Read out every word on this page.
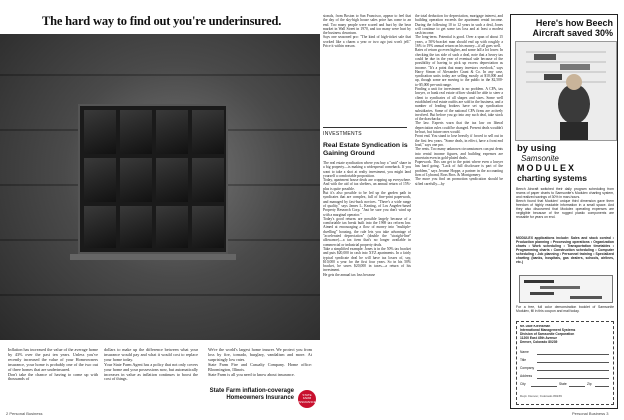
The hard way to find out you're underinsured.
Inflation has increased the value of the average home by 43% over the past ten years. Unless you've recently increased the value of your Homeowners insurance, your home is probably one of the two out of three homes that are underinsured.
Don't take the chance of having to come up with thousands of
dollars to make up the difference between what your insurance would pay and what it would cost to replace your home today.
Your State Farm Agent has a policy that not only covers your home and your possessions now, but automatically increases in value as inflation continues to boost the cost of things.
We're the world's largest home insurer. We protect you from loss by fire, tornado, burglary, vandalism and more. At surprisingly low rates.
State Farm Fire and Casualty Company. Home office: Bloomington, Illinois.
State Farm is all you need to know about insurance.
State Farm inflation-coverage Homeowners Insurance	STATE FARM INSURANCE
2 Personal Business
sionals, from Boston to San Francisco, appear to feel that the day of the sky-high house sales price has come to an end. Too many people were scared and hurt by the bear market in Wall Street in 1970, and too many were hurt by the business downturn.
Says one seasoned pro: "The kind of high-ticket sale that worked like a charm a year or two ago just won't jell." Price it within reason.
INVESTMENTS
Real Estate Syndication is Gaining Ground
The real estate syndication where you buy a "unit" share in a big property—is making a widespread comeback. If you want to take a shot at realty investment, you might land yourself a comfortable proposition.
Today, apartment house deals are cropping up everywhere. And with the aid of tax shelters, an annual return of 15%-plus is quite possible.
But it's also possible to be led up the garden path in syndicates that are complex, full of fine-print paperwork, and managed by fast-buck novices. "There's a wide range of quality," says James L. Keating, of Los Angeles-based Property Research Corp. "Just be sure you don't wind up with a marginal operator."
Today's good returns are possible largely because of a comfortable tax break built into the 1969 tax reform law. Aimed at encouraging a flow of money into "multiple-dwelling" housing, the rule lets you take advantage of "accelerated depreciation" (double the "straight-line" allowance)—a tax item that's no longer available in commercial or industrial property deals.
Take a simplified example: Jones is in the 50% tax bracket and puts $20,000 in cash into XYZ apartments. In a fairly typical syndicate deal he will have tax losses of, say, $10,000 a year for the first four years. So in his 50% bracket, he saves $20,000 in taxes—a return of his investment.
He gets the annual tax loss because
the total deduction for depreciation, mortgage interest, and building operation exceeds the apartment rental income. During the following 10 to 12 years in such a deal, Jones will continue to get some tax loss and at least a modest cash income.
The long-term. Potential is good. Over a span of about 15 years, a 50%-bracket man should end up with roughly a 16% to 19% annual return on his money—if all goes well.
Rates of return go even higher, and some fall a lot lower. In checking the tax side of such a deal, note that a heavy tax could be due in the year of eventual sale because of the possibility of having to pick up excess depreciation as income. "It's a point that many investors overlook," says Harry Simon of Alexander Grant & Co. In any case, syndication units today are selling mostly at $10,000 and up, though some are moving to the public in the $2,500-to-$5,000 per-unit range.
Finding a unit for investment is no problem. A CPA, tax lawyer, or bank real estate officer should be able to steer a client to syndicates of all shapes and sizes. Some well established real estate outfits are sold in the business, and a number of leading brokers have set up syndication subsidiaries. Some of the national CPA firms are actively involved. But before you go into any such deal, take stock of the drawbacks:
The law. Experts warn that the tax law on liberal depreciation rules could be changed. Present deals wouldn't be hurt, but future ones would.
Front end. You stand to lose heavily if forced to sell out in the first few years. "Some deals, in effect, have a front end load," says one pro.
The rents. Too many unknown circumstances can put dents into rental income figures, and building expenses are uncertain even in gold-plated deals.
Paperwork. This can get to the point where even a lawyer has hard going. "Lack of full disclosure is part of the problem," says Jerome Hoppe, a partner in the accounting firm of Lybrand, Ross Bros. & Montgomery.
The more you find on promotion syndication should be sifted carefully—by
Here's how Beech Aircraft saved 30%
by using
Samsonite
MODULEX
charting systems
Beech Aircraft switched their daily program scheduling from reams of paper charts to Samsonite's Modulex charting system, and realized savings of 30% in man-hours.
Beech found that Modulex' unique third dimension gave them freedom of highly readable information in a small space. And they also discovered that Modulex operating expenses are negligible because of the rugged plastic components are reusable for years on end.
MODULEX applications include: Sales and stock control • Production planning • Processing operations • Organization charts • Work scheduling • Transportation timetables • Programming charts • Construction scheduling • Computer scheduling • Job planning • Personnel training • Specialized charting (banks, hospitals, gas dealers, schools, airlines, etc.)
For a free, full color demonstration booklet of Samsonite Modulex, fill in this coupon and mail today.
Mr. Dale Kleinsman
International Management Systems
Division of Samsonite Corporation
11200 East 45th Avenue
Denver, Colorado 80239
Name
Title
Company
Address
City	State	Zip
Dept. Denver, Colorado 80239
Personal Business 3
